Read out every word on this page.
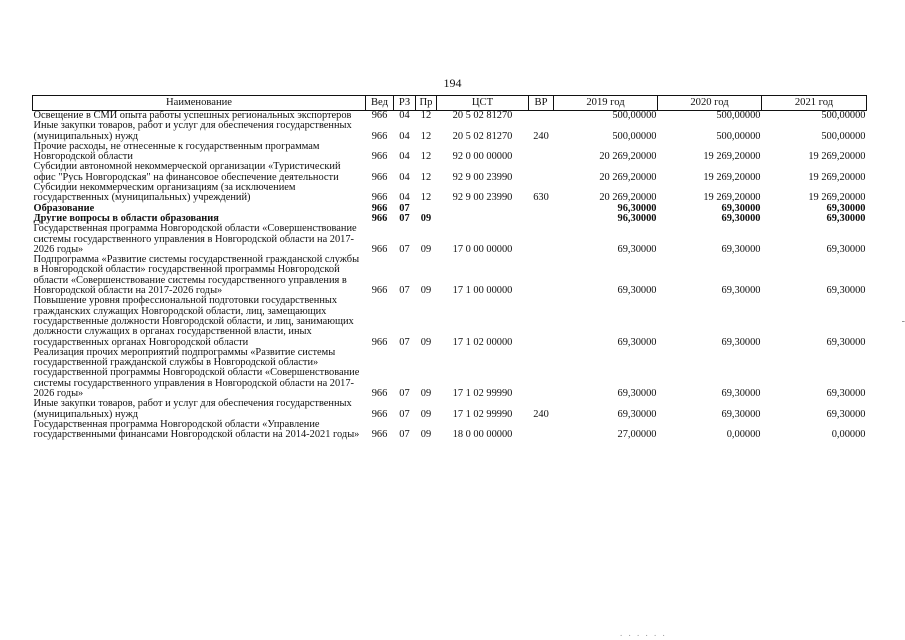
194
Наименование	Вед	РЗ	Пр	ЦСТ	ВР	2019 год	2020 год	2021 год
Освещение в СМИ опыта работы успешных региональных экспортеров	966	04	12	20 5 02 81270		500,00000	500,00000	500,00000
Иные закупки товаров, работ и услуг для обеспечения государственных (муниципальных) нужд	966	04	12	20 5 02 81270	240	500,00000	500,00000	500,00000
Прочие расходы, не отнесенные к государственным программам Новгородской области	966	04	12	92 0 00 00000		20 269,20000	19 269,20000	19 269,20000
Субсидии автономной некоммерческой организации «Туристический офис "Русь Новгородская" на финансовое обеспечение деятельности	966	04	12	92 9 00 23990		20 269,20000	19 269,20000	19 269,20000
Субсидии некоммерческим организациям (за исключением государственных (муниципальных) учреждений)	966	04	12	92 9 00 23990	630	20 269,20000	19 269,20000	19 269,20000
Образование	966	07				96,30000	69,30000	69,30000
Другие вопросы в области образования	966	07	09			96,30000	69,30000	69,30000
Государственная программа Новгородской области «Совершенствование системы государственного управления в Новгородской области на 2017-2026 годы»	966	07	09	17 0 00 00000		69,30000	69,30000	69,30000
Подпрограмма «Развитие системы государственной гражданской службы в Новгородской области» государственной программы Новгородской области «Совершенствование системы государственного управления в Новгородской области на 2017-2026 годы»	966	07	09	17 1 00 00000		69,30000	69,30000	69,30000
Повышение уровня профессиональной подготовки государственных гражданских служащих Новгородской области, лиц, замещающих государственные должности Новгородской области, и лиц, занимающих должности служащих в органах государственной власти, иных государственных органах Новгородской области	966	07	09	17 1 02 00000		69,30000	69,30000	69,30000
Реализация прочих мероприятий подпрограммы «Развитие системы государственной гражданской службы в Новгородской области» государственной программы Новгородской области «Совершенствование системы государственного управления в Новгородской области на 2017-2026 годы»	966	07	09	17 1 02 99990		69,30000	69,30000	69,30000
Иные закупки товаров, работ и услуг для обеспечения государственных (муниципальных) нужд	966	07	09	17 1 02 99990	240	69,30000	69,30000	69,30000
Государственная программа Новгородской области «Управление государственными финансами Новгородской области на 2014-2021 годы»	966	07	09	18 0 00 00000		27,00000	0,00000	0,00000
-
. . . . . .
